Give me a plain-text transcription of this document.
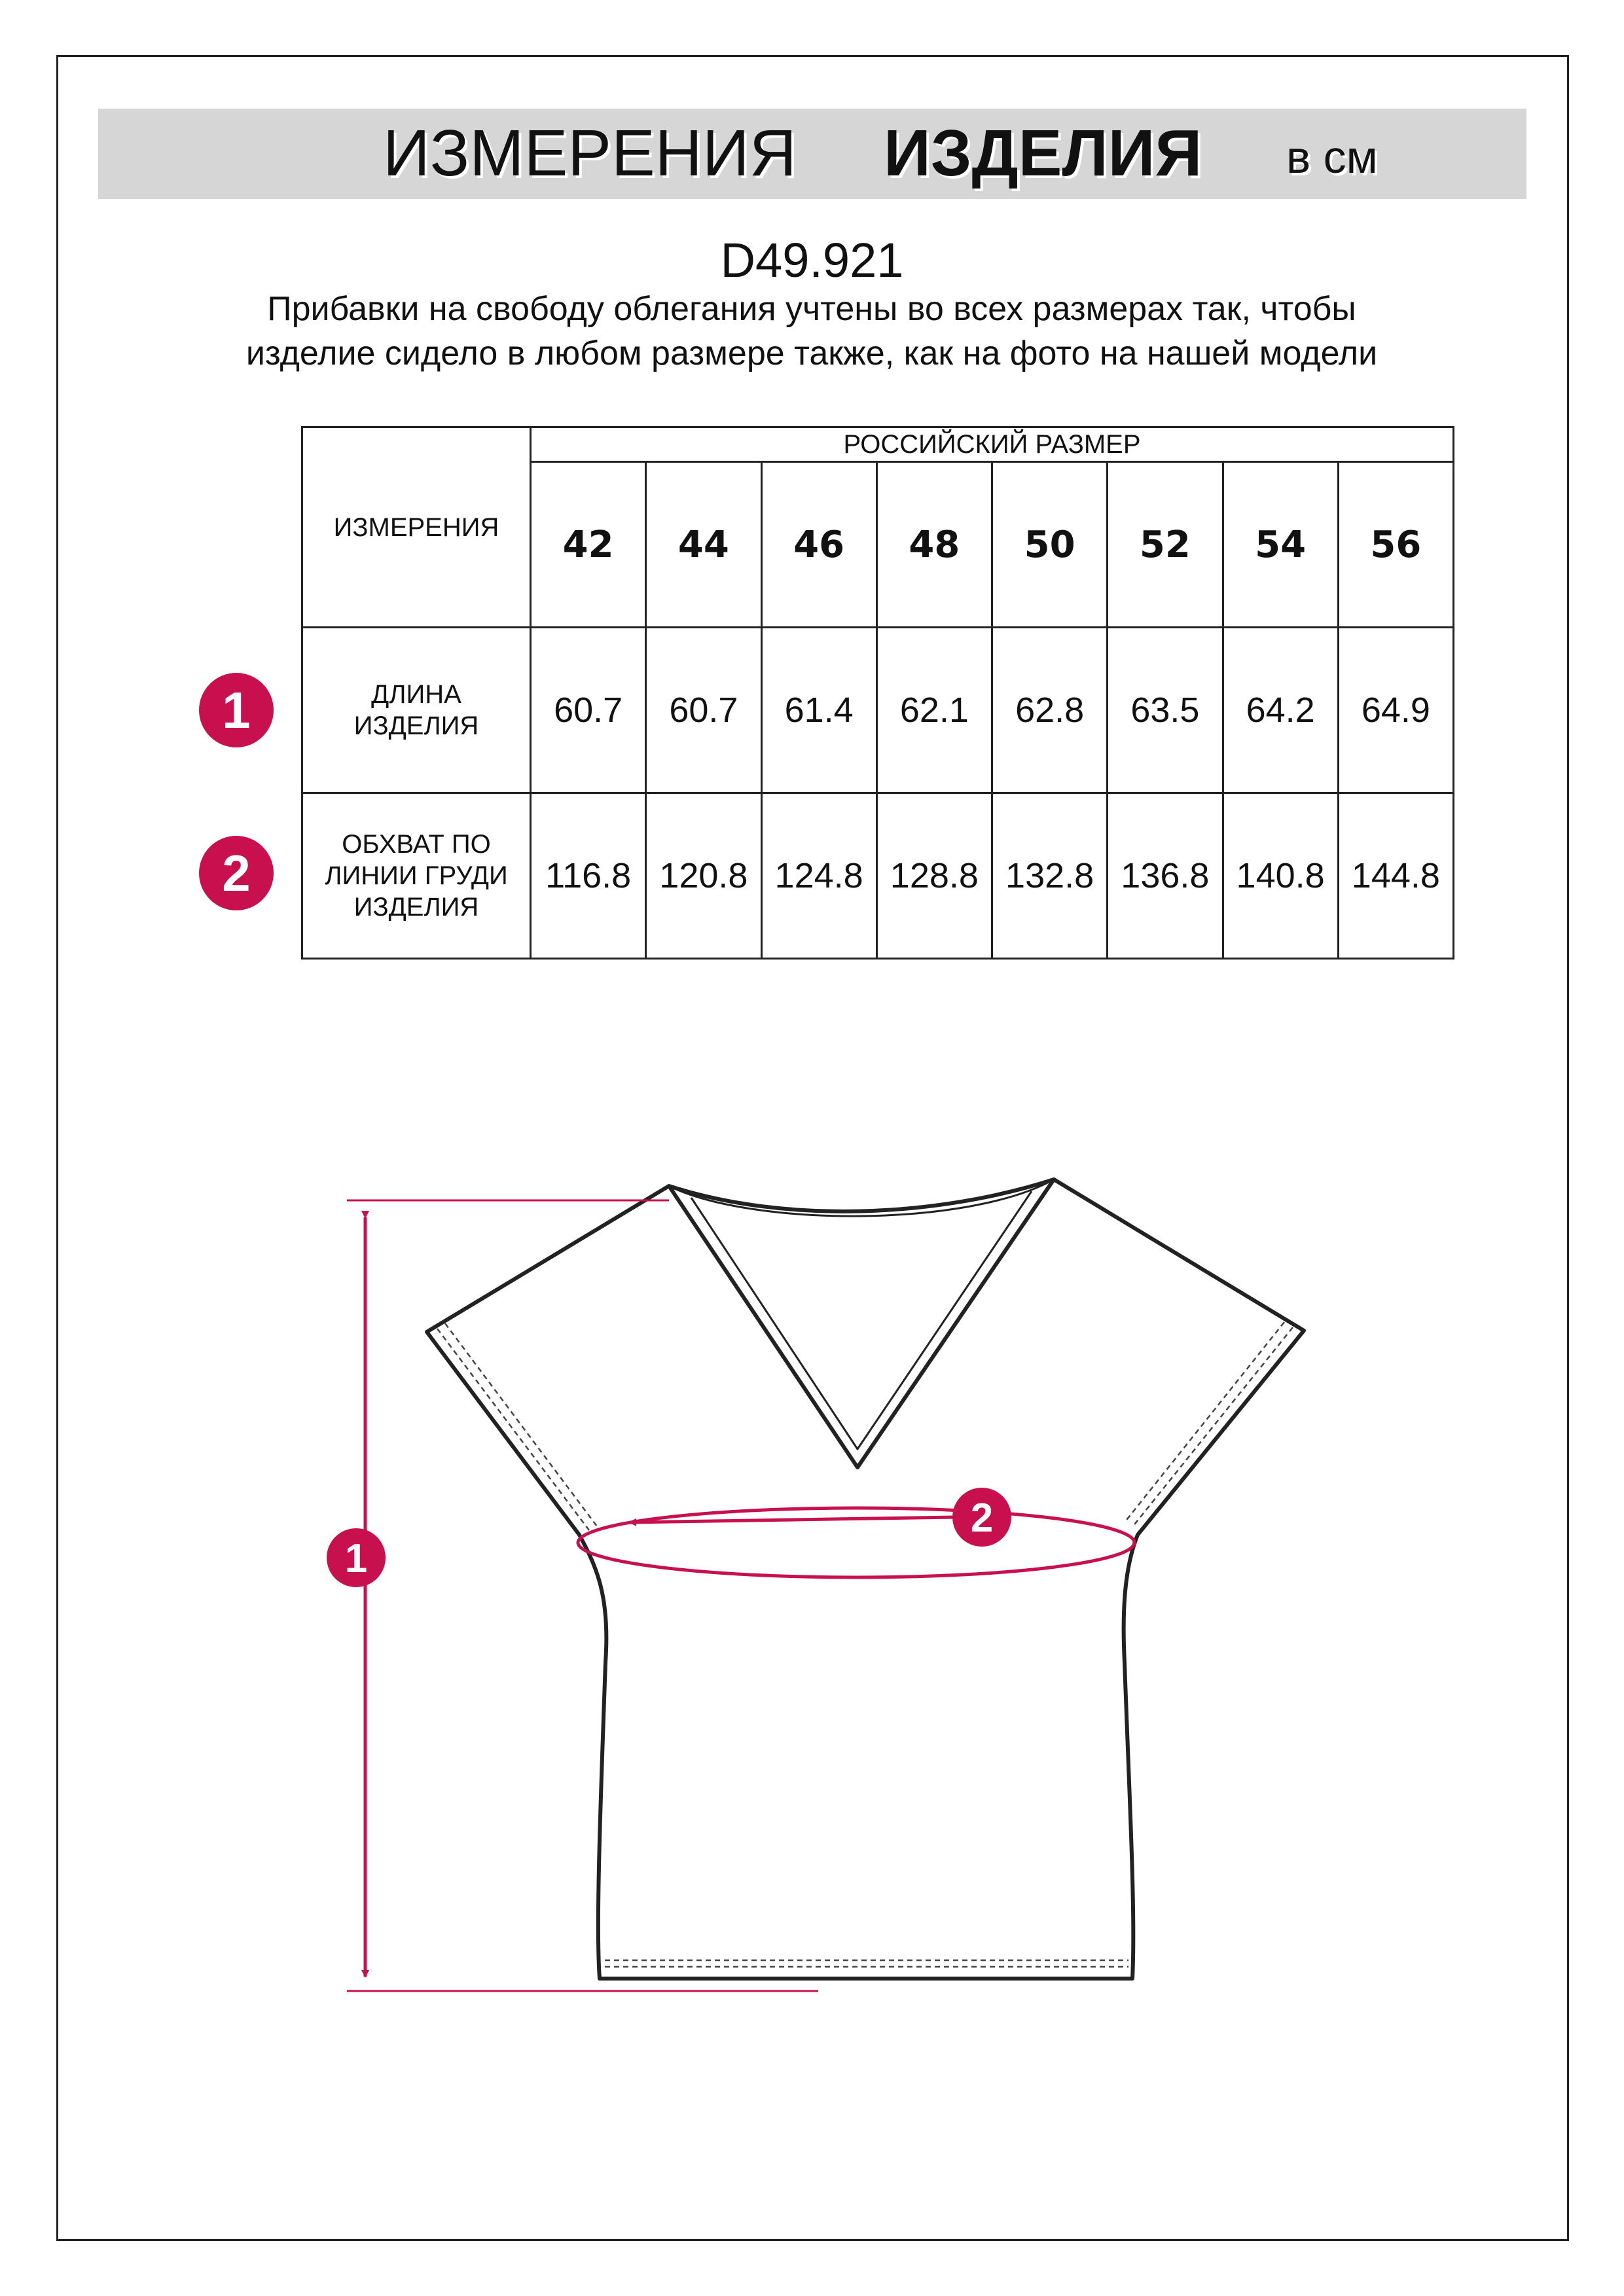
ИЗМЕРЕНИЯ ИЗДЕЛИЯ в см
D49.921
Прибавки на свободу облегания учтены во всех размерах так, чтобы изделие сидело в любом размере также, как на фото на нашей модели
1
2
ИЗМЕРЕНИЯ	РОССИЙСКИЙ РАЗМЕР							
	42	44	46	48	50	52	54	56
ДЛИНА ИЗДЕЛИЯ	60.7	60.7	61.4	62.1	62.8	63.5	64.2	64.9
ОБХВАТ ПО ЛИНИИ ГРУДИ ИЗДЕЛИЯ	116.8	120.8	124.8	128.8	132.8	136.8	140.8	144.8
1
2
